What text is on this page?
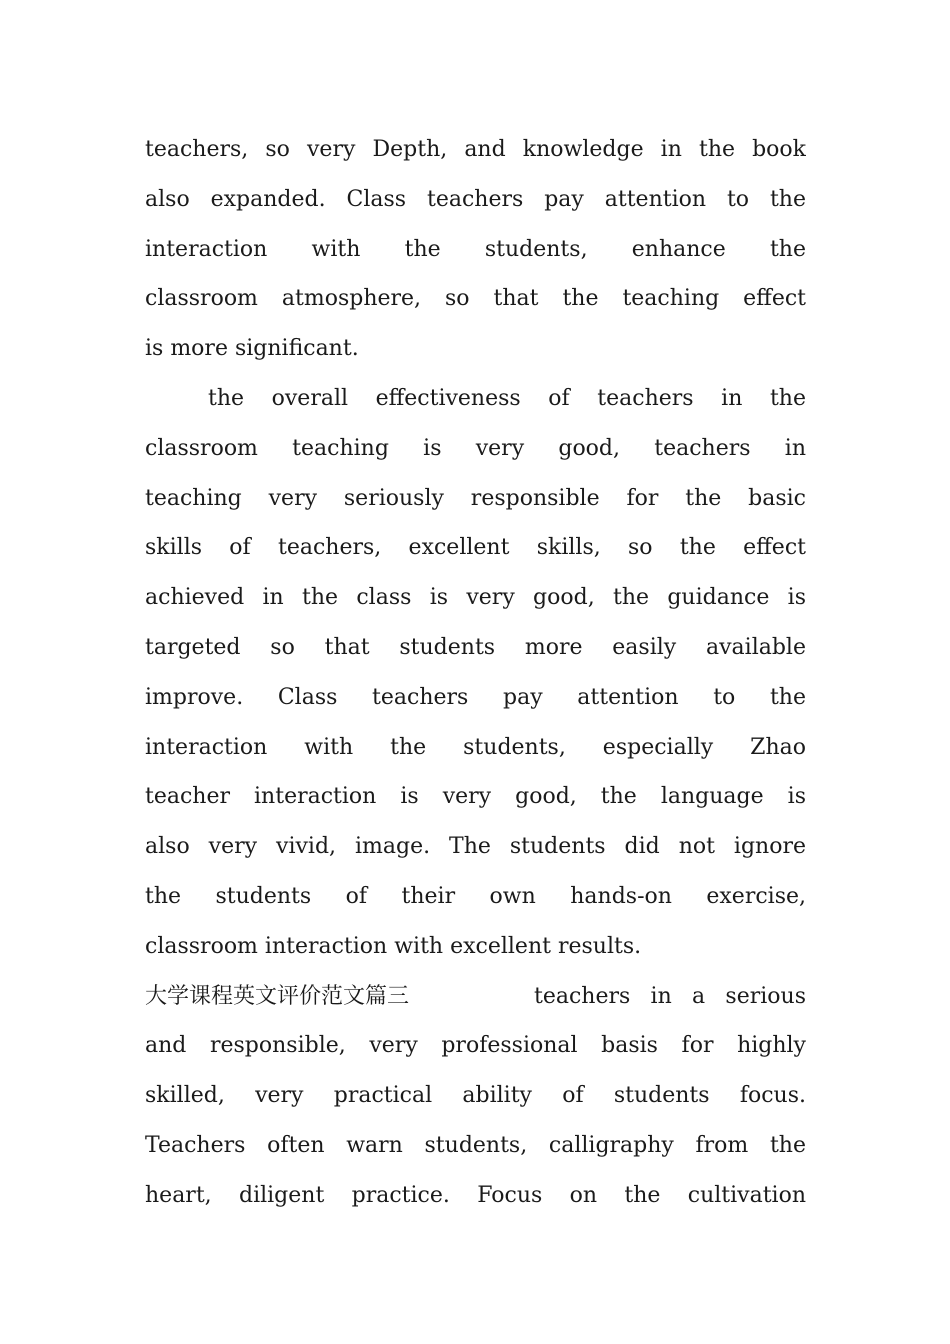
teachers, so very Depth, and knowledge in the book
also expanded. Class teachers pay attention to the
interaction with the students, enhance the
classroom atmosphere, so that the teaching effect
is more significant.
the overall effectiveness of teachers in the
classroom teaching is very good, teachers in
teaching very seriously responsible for the basic
skills of teachers, excellent skills, so the effect
achieved in the class is very good, the guidance is
targeted so that students more easily available
improve. Class teachers pay attention to the
interaction with the students, especially Zhao
teacher interaction is very good, the language is
also very vivid, image. The students did not ignore
the students of their own hands-on exercise,
classroom interaction with excellent results.
大学课程英文评价范文篇三	teachers in a serious
and responsible, very professional basis for highly
skilled, very practical ability of students focus.
Teachers often warn students, calligraphy from the
heart, diligent practice. Focus on the cultivation
